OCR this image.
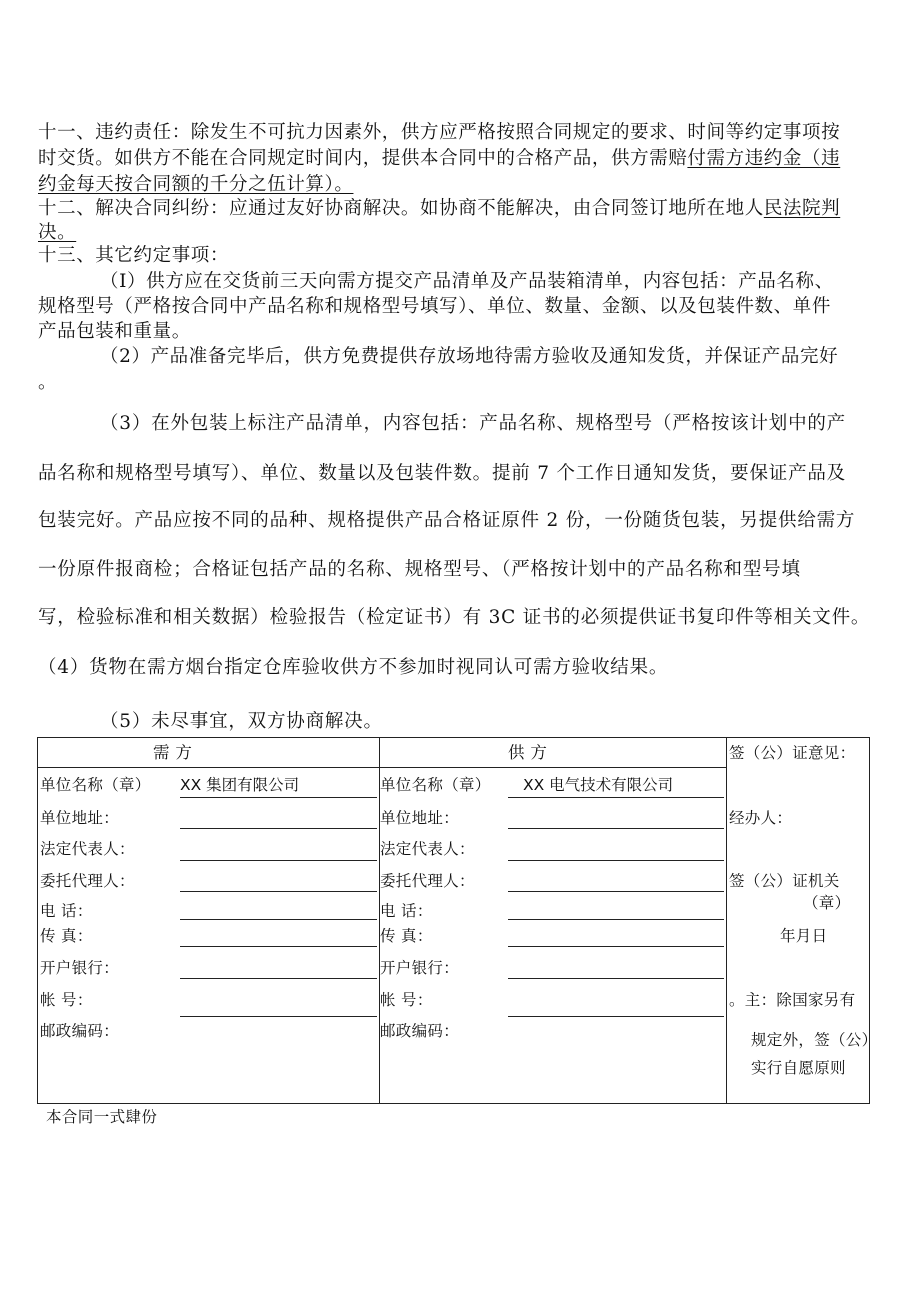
十一、违约责任：除发生不可抗力因素外，供方应严格按照合同规定的要求、时间等约定事项按
时交货。如供方不能在合同规定时间内，提供本合同中的合格产品，供方需赔付需方违约金（违
约金每天按合同额的千分之伍计算）。
十二、解决合同纠纷：应通过友好协商解决。如协商不能解决，由合同签订地所在地人民法院判
决。
十三、其它约定事项：
（I）供方应在交货前三天向需方提交产品清单及产品装箱清单，内容包括：产品名称、
规格型号（严格按合同中产品名称和规格型号填写）、单位、数量、金额、以及包装件数、单件
产品包装和重量。
（2）产品准备完毕后，供方免费提供存放场地待需方验收及通知发货，并保证产品完好
。
（3）在外包装上标注产品清单，内容包括：产品名称、规格型号（严格按该计划中的产
品名称和规格型号填写）、单位、数量以及包装件数。提前 7 个工作日通知发货，要保证产品及
包装完好。产品应按不同的品种、规格提供产品合格证原件 2 份，一份随货包装，另提供给需方
一份原件报商检；合格证包括产品的名称、规格型号、（严格按计划中的产品名称和型号填
写，检验标准和相关数据）检验报告（检定证书）有 3C 证书的必须提供证书复印件等相关文件。
（4）货物在需方烟台指定仓库验收供方不参加时视同认可需方验收结果。
（5）未尽事宜，双方协商解决。
需 方	供 方	签（公）证意见：
单位名称（章） XX 集团有限公司
单位地址：
法定代表人：
委托代理人：
电 话：
传 真：
开户银行：
帐 号：
邮政编码：
单位名称（章） XX 电气技术有限公司
单位地址：
法定代表人：
委托代理人：
电 话：
传 真：
开户银行：
帐 号：
邮政编码：
经办人：
签（公）证机关
（章）
年月日
。主：除国家另有
规定外，签（公）
实行自愿原则
本合同一式肆份
